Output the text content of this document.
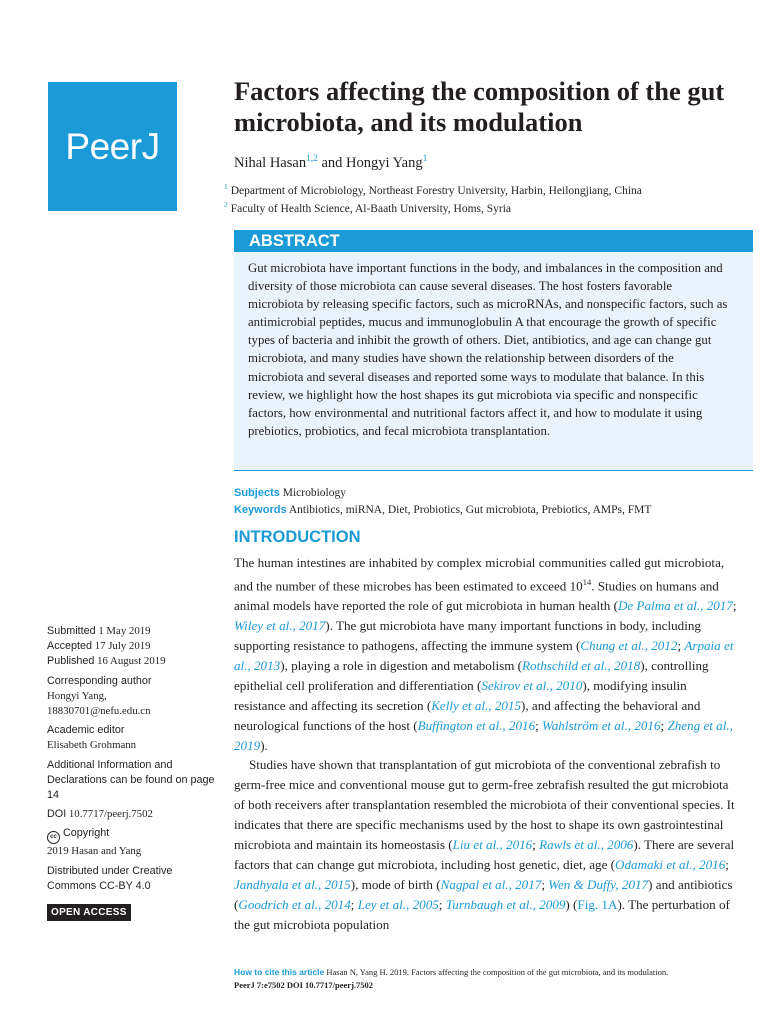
PeerJ
Factors affecting the composition of the gut microbiota, and its modulation
Nihal Hasan$^{1,2}$ and Hongyi Yang$^1$
$^1$ Department of Microbiology, Northeast Forestry University, Harbin, Heilongjiang, China
$^2$ Faculty of Health Science, Al-Baath University, Homs, Syria
ABSTRACT
Gut microbiota have important functions in the body, and imbalances in the composition and diversity of those microbiota can cause several diseases. The host fosters favorable microbiota by releasing specific factors, such as microRNAs, and nonspecific factors, such as antimicrobial peptides, mucus and immunoglobulin A that encourage the growth of specific types of bacteria and inhibit the growth of others. Diet, antibiotics, and age can change gut microbiota, and many studies have shown the relationship between disorders of the microbiota and several diseases and reported some ways to modulate that balance. In this review, we highlight how the host shapes its gut microbiota via specific and nonspecific factors, how environmental and nutritional factors affect it, and how to modulate it using prebiotics, probiotics, and fecal microbiota transplantation.
Subjects Microbiology
Keywords Antibiotics, miRNA, Diet, Probiotics, Gut microbiota, Prebiotics, AMPs, FMT
INTRODUCTION

The human intestines are inhabited by complex microbial communities called gut microbiota, and the number of these microbes has been estimated to exceed $10^{14}$. Studies on humans and animal models have reported the role of gut microbiota in human health (De Palma et al., 2017; Wiley et al., 2017). The gut microbiota have many important functions in body, including supporting resistance to pathogens, affecting the immune system (Chung et al., 2012; Arpaia et al., 2013), playing a role in digestion and metabolism (Rothschild et al., 2018), controlling epithelial cell proliferation and differentiation (Sekirov et al., 2010), modifying insulin resistance and affecting its secretion (Kelly et al., 2015), and affecting the behavioral and neurological functions of the host (Buffington et al., 2016; Wahlström et al., 2016; Zheng et al., 2019).

Studies have shown that transplantation of gut microbiota of the conventional zebrafish to germ-free mice and conventional mouse gut to germ-free zebrafish resulted the gut microbiota of both receivers after transplantation resembled the microbiota of their conventional species. It indicates that there are specific mechanisms used by the host to shape its own gastrointestinal microbiota and maintain its homeostasis (Liu et al., 2016; Rawls et al., 2006). There are several factors that can change gut microbiota, including host genetic, diet, age (Odamaki et al., 2016; Jandhyala et al., 2015), mode of birth (Nagpal et al., 2017; Wen & Duffy, 2017) and antibiotics (Goodrich et al., 2014; Ley et al., 2005; Turnbaugh et al., 2009) (Fig. 1A). The perturbation of the gut microbiota population

Submitted 1 May 2019
Accepted 17 July 2019
Published 16 August 2019
Corresponding author
Hongyi Yang,
18830701@nefu.edu.cn
Academic editor
Elisabeth Grohmann
Additional Information and Declarations can be found on page 14
DOI 10.7717/peerj.7502
cc Copyright
2019 Hasan and Yang
Distributed under Creative Commons CC-BY 4.0
OPEN ACCESS
How to cite this article Hasan N, Yang H. 2019. Factors affecting the composition of the gut microbiota, and its modulation.
PeerJ 7:e7502 DOI 10.7717/peerj.7502
